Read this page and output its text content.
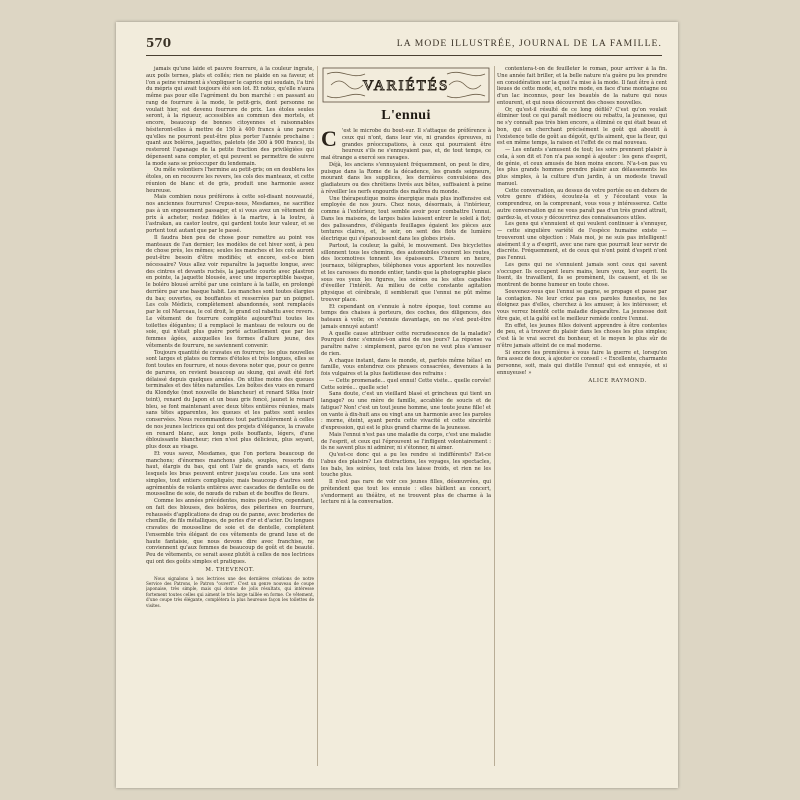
570	LA MODE ILLUSTRÉE, JOURNAL DE LA FAMILLE.

jamais qu'une laide et pauvre fourrure, à la couleur ingrate, aux poils ternes, plats et collés; rien ne plaide en sa faveur, et l'on a peine vraiment à s'expliquer le caprice qui soudain, l'a tiré du mépris qui avait toujours été son lot. Et notez, qu'elle n'aura même pas pour elle l'agrément du bon marché : en passant au rang de fourrure à la mode, le petit-gris, dont personne ne voulait hier, est devenu fourrure de prix. Les étoles seules seront, à la rigueur, accessibles au commun des mortels, et encore, beaucoup de bonnes citoyennes et raisonnables hésiteront-elles à mettre de 150 à 400 francs à une parure qu'elles ne pourront peut-être plus porter l'année prochaine : quant aux boléros, jaquettes, paletots (de 300 à 900 francs), ils resteront l'apanage de la petite fraction des privilégiées qui dépensent sans compter, et qui peuvent se permettre de suivre la mode sans se préoccuper du lendemain.

Ou mêle volontiers l'hermine au petit-gris; on en doublera les étoles, on en recouvre les revers, les cols des manteaux, et cette réunion de blanc et de gris, produit une harmonie assez heureuse.

Mais combien nous préférons à cette sol-disant nouveauté, nos anciennes fourrures! Crepus-nous, Mesdames, ne sacrifiez pas à un engouement passager, et si vous avez un vêtement de prix à acheter, restez fidèles à la martre, à la loutre, à l'astrakan, au castor loutre, qui gardent toute leur valeur, et se portent tout autant que par le passé.

Il faudra bien peu de chose pour remettre au point vos manteaux de l'an dernier; les modèles de cet hiver sont, à peu de chose près, les mêmes; seules les manches et les cols auront peut-être besoin d'être modifiés; et encore, est-ce bien nécessaire? Vous allez voir reparaître la jaquette longue, avec des cintres et devants ruchés, la jaquette courte avec plastron en pointe, la jaquette blousée, avec une imperceptible basque, le boléro blousé arrêté par une ceinture à la taille, en prolongé derrière par une basque habit. Les manches sont toutes élargies du bas; ouvertes, ou bouffantes et resserrées par un poignet. Les cols Médicis, complètement abandonnés, sont remplacés par le col Marceau, le col droit, le grand col rabattu avec revers. Le vêtement de fourrure complète aujourd'hui toutes les toilettes élégantes; il a remplacé le manteau de velours ou de soie, qui n'était plus guère porté actuellement que par les femmes âgées, auxquelles les formes d'allure jeune, des vêtements de fourrure, ne saviennent convenir.

Toujours quantité de cravates en fourrure; les plus nouvelles sont larges et plates ou formes d'étoles et très longues, elles se font toutes en fourrure, et nous devons noter que, pour ce genre de parures, on revient beaucoup au skung, qui avait été fort délaissé depuis quelques années. On utilise moins des queues terminales et des têtes naturelles. Les boîtes des vues en renard du Klondyke (mot nouvelle de blancheur) et renard Sitka (noir teint), renard du Japon et un beau gris foncé, jaunet le renard bleu, se font maintenant avec deux têtes entières réunies, mais sans têtes apparentes, les queues et les pattes sont seules conservées. Nous recommandons tout particulièrement à celles de nos jeunes lectrices qui ont des projets d'élégance, la cravate en renard blanc, aux longs poils bouffants, légers, d'une éblouissante blancheur; rien n'est plus délicieux, plus seyant, plus doux au visage.

Et vous savez, Mesdames, que l'on portera beaucoup de manchons; d'énormes manchons plats, souples, ressorts du haut, élargis du bas, qui ont l'air de grands sacs, et dans lesquels les bras peuvent entrer jusqu'au coude. Les uns sont simples, tout entiers compliqués; mais beaucoup d'autres sont agrémentés de volants entières avec cascades de dentelle ou de mousseline de soie, de nœuds de ruban et de bouffes de fleurs.

Comme les années précédentes, moins peut-être, cependant, on fait des blouses, des boléros, des pèlerines en fourrure, rehaussés d'applications de drap ou de panne, avec broderies de chenille, de fils métalliques, de perles d'or et d'acier. Du longues cravates de mousseline de soie et de dentelle, complètent l'ensemble très élégant de ces vêtements de grand luxe et de haute fantaisie, que nous devons dire avec franchise, ne conviennent qu'aux femmes de beaucoup de goût et de beauté. Peu de vêtements, ce serait assez plutôt à celles de nos lectrices qui ont des goûts simples et pratiques.

M. THEVENOT.

Nous signalons à nos lectrices une des dernières créations de notre Service des Patrons, le Patron "ouvert". C'est un genre nouveau de coupe japonaise, très simple, mais qui donne de jolis résultats, qui intéresse fortement toutes celles qui aiment le très large taillée en forme. Ce vêtement, d'une coupe très élégante, complètera la plus heureuse façon les toilettes de visites.

VARIÉTÉS
L'ennui
C	'est le microbe du bout-sur. Il s'attaque de préférence à ceux qui n'ont, dans leur vie, ni grandes épreuves, ni grandes préoccupations, à ceux qui pourraient être heureux s'ils ne s'ennuyaient pas, et, de tout temps, ce mal étrange a exercé ses ravages.

Déjà, les anciens s'ennuyaient fréquemment, on peut le dire, puisque dans la Rome de la décadence, les grands seigneurs, mourant dans les supplices, les dernières convulsions des gladiateurs ou des chrétiens livrés aux bêtes, suffisaient à peine à réveiller les nerfs engourdis des maîtres du monde.

Une thérapeutique moins énergique mais plus inoffensive est employée de nos jours. Chez nous, désormais, à l'intérieur, comme à l'extérieur, tout semble avoir pour combattre l'ennui. Dans les maisons, de larges baies laissent entrer le soleil à flot; des palissandres, d'élégants feuillages égaient les pièces aux tentures claires, et, le soir, on sent des flots de lumière électrique qui s'épanouissent dans les globes irisés.

Partout, la couleur, la gaîté, le mouvement. Des bicyclettes sillonnent tous les chemins, des automobiles courent les routes, des locomotives tonnent les épaisseurs. D'heure en heure, journaux, télégraphes, téléphones vous apportent les nouvelles et les caresses du monde entier, tandis que la photographie place sous vos yeux les figures, les scènes ou les sites capables d'éveiller l'intérêt. Au milieu de cette constante agitation physique et cérébrale, il semblerait que l'ennui ne pût même trouver place.

Et cependant on s'ennuie à notre époque, tout comme au temps des chaises à porteurs, des coches, des diligences, des bateaux à voile; on s'ennuie davantage, on ne s'est peut-être jamais ennuyé autant!

A quelle cause attribuer cette recrudescence de la maladie? Pourquoi donc s'ennuie-t-on ainsi de nos jours? La réponse va paraître naïve : simplement, parce qu'on ne veut plus s'amuser de rien.

A chaque instant, dans le monde, et, parfois même hélas! en famille, vous entendrez ces phrases consacrées, devenues à la fois vulgaires et la plus fastidieuse des refrains :

— Cette promenade... quel ennui! Cette visite... quelle corvée! Cette soirée... quelle scie!

Sans doute, c'est un vieillard blasé et grincheux qui tient un langage? ou une mère de famille, accablée de soucis et de fatigue? Non! c'est un tout jeune homme, une toute jeune fille! et on vante à dix-huit ans ou vingt ans un harmonie avec les paroles : morne, éteint, ayant perdu cette vivacité et cette sincérité d'expression, qui est le plus grand charme de la jeunesse.

Mais l'ennui n'est pas une maladie du corps, c'est une maladie de l'esprit, et ceux qui l'éprouvent se l'infligent volontairement : ils ne savent plus ni admirer, ni s'étonner, ni aimer.

Qu'est-ce donc qui a pu les rendre si indifférents? Est-ce l'abus des plaisirs? Les distractions, les voyages, les spectacles, les bals, les soirées, tout cela les laisse froids, et rien ne les touche plus.

Il n'est pas rare de voir ces jeunes filles, désœuvrées, qui prétendent que tout les ennuie : elles bâillent au concert, s'endorment au théâtre, et ne trouvent plus de charme à la lecture ni à la conversation.

contentera-t-on de feuilleter le roman, pour arriver à la fin. Une année fait briller, et la belle nature n'a guère pu les prendre en considération sur la quoi l'a mise à la mode. Il faut être à cent lieues de cette mode, et, notre mode, en face d'une montagne ou d'un lac inconnus, pour les beautés de la nature qui nous entourent, et qui nous découvrent des choses nouvelles.

Or, qu'est-il résulté de ce long défilé? C'est qu'on voulait éliminer tout ce qui paraît médiocre ou rebattu, la jeunesse, qui ne s'y connaît pas très bien encore, a éliminé ce qui était beau et bon, qui en cherchant précisément le goût qui aboutit à l'existence telle de goût au dégoût, qu'ils aiment, que la fleur, qui est en même temps, la raison et l'effet de ce mal nouveau.

— Les enfants s'amusent de tout; les soirs prennent plaisir à cela, à son dit et l'on n'a pas songé à ajouter : les gens d'esprit, de génie, et ceux amusés de bien moins encore. N'a-t-on pas vu les plus grands hommes prendre plaisir aux délassements les plus simples, à la culture d'un jardin, à un modeste travail manuel.

Cette conversation, au dessus de votre portée ou en dehors de votre genre d'idées, écoutez-la et y l'écoutant vous la comprendrez, on la comprenant, vous vous y intéresserez. Cette autre conversation qui ne vous paraît pas d'un très grand attrait, gardez-la, et vous y découvrirez des connaissances utiles.

Les gens qui s'ennuient et qui veulent continuer à s'ennuyer, — cette singulière variété de l'espèce humaine existe — trouveront une objection : Mais moi, je ne suis pas intelligent! aisément il y a d'esprit, avec une rare que pourrait leur servir de discrète. Fréquemment, et de ceux qui n'ont point d'esprit n'ont pas l'ennui.

Les gens qui ne s'ennuient jamais sont ceux qui savent s'occuper. Ils occupent leurs mains, leurs yeux, leur esprit. Ils lisent, ils travaillent, ils se promènent, ils causent, et ils se montrent de bonne humeur en toute chose.

Souvenez-vous que l'ennui se gagne, se propage et passe par la contagion. Ne leur criez pas ces paroles funestes, ne les éloignez pas d'elles, cherchez à les amuser, à les intéresser, et vous verrez bientôt cette maladie disparaître. La jeunesse doit être gaie, et la gaîté est le meilleur remède contre l'ennui.

En effet, les jeunes filles doivent apprendre à être contentes de peu, et à trouver du plaisir dans les choses les plus simples; c'est là le vrai secret du bonheur, et le moyen le plus sûr de n'être jamais atteint de ce mal moderne.

Si encore les premières à vous faire la guerre et, lorsqu'on fera assez de doux, à ajouter ce conseil : « Excellente, charmante personne, soit, mais qui distille l'ennui! qui est ennuyée, et si ennuyeuse! »

ALICE RAYMOND.
